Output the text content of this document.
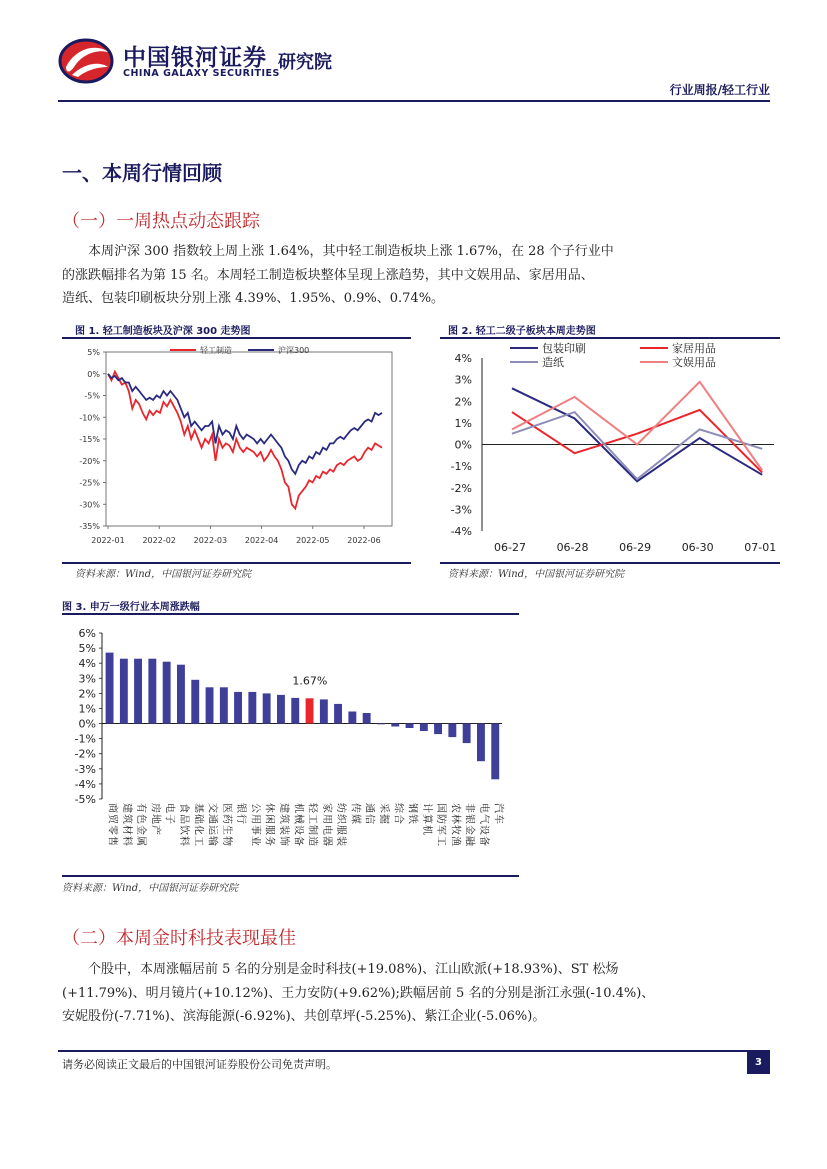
中国银河证券
CHINA GALAXY SECURITIES
研究院
行业周报/轻工行业
一、本周行情回顾
（一）一周热点动态跟踪

本周沪深 300 指数较上周上涨 1.64%，其中轻工制造板块上涨 1.67%，在 28 个子行业中

的涨跌幅排名为第 15 名。本周轻工制造板块整体呈现上涨趋势，其中文娱用品、家居用品、

造纸、包装印刷板块分别上涨 4.39%、1.95%、0.9%、0.74%。

图 1. 轻工制造板块及沪深 300 走势图
5%
0%
-5%
-10%
-15%
-20%
-25%
-30%
-35%
2022-01 2022-02 2022-03 2022-04 2022-05 2022-06
轻工制造	沪深300
资料来源：Wind，中国银河证券研究院
图 2. 轻工二级子板块本周走势图
4%
3%
2%
1%
0%
-1%
-2%
-3%
-4%
06-27	06-28	06-29	06-30	07-01
包装印刷	家居用品
造纸	文娱用品
资料来源：Wind，中国银河证券研究院
图 3. 申万一级行业本周涨跌幅
6%
5%
4%
3%
2%
1%
0%
-1%
-2%
-3%
-4%
-5%
商
贸
零
售
建
筑
材
料
有
色
金
属
房
地
产
电
子
食
品
饮
料
基
础
化
工
交
通
运
输
医
药
生
物
银
行
公
用
事
业
休
闲
服
务
建
筑
装
饰
机
械
设
备
1.67%
轻
工
制
造
家
用
电
器
纺
织
服
装
传
媒
通
信
采
掘
综
合
钢
铁
计
算
机
国
防
军
工
农
林
牧
渔
非
银
金
融
电
气
设
备
汽
车
资料来源：Wind，中国银河证券研究院
（二）本周金时科技表现最佳

个股中，本周涨幅居前 5 名的分别是金时科技(+19.08%)、江山欧派(+18.93%)、ST 松炀

(+11.79%)、明月镜片(+10.12%)、王力安防(+9.62%);跌幅居前 5 名的分别是浙江永强(-10.4%)、

安妮股份(-7.71%)、滨海能源(-6.92%)、共创草坪(-5.25%)、紫江企业(-5.06%)。

请务必阅读正文最后的中国银河证券股份公司免责声明。	3
